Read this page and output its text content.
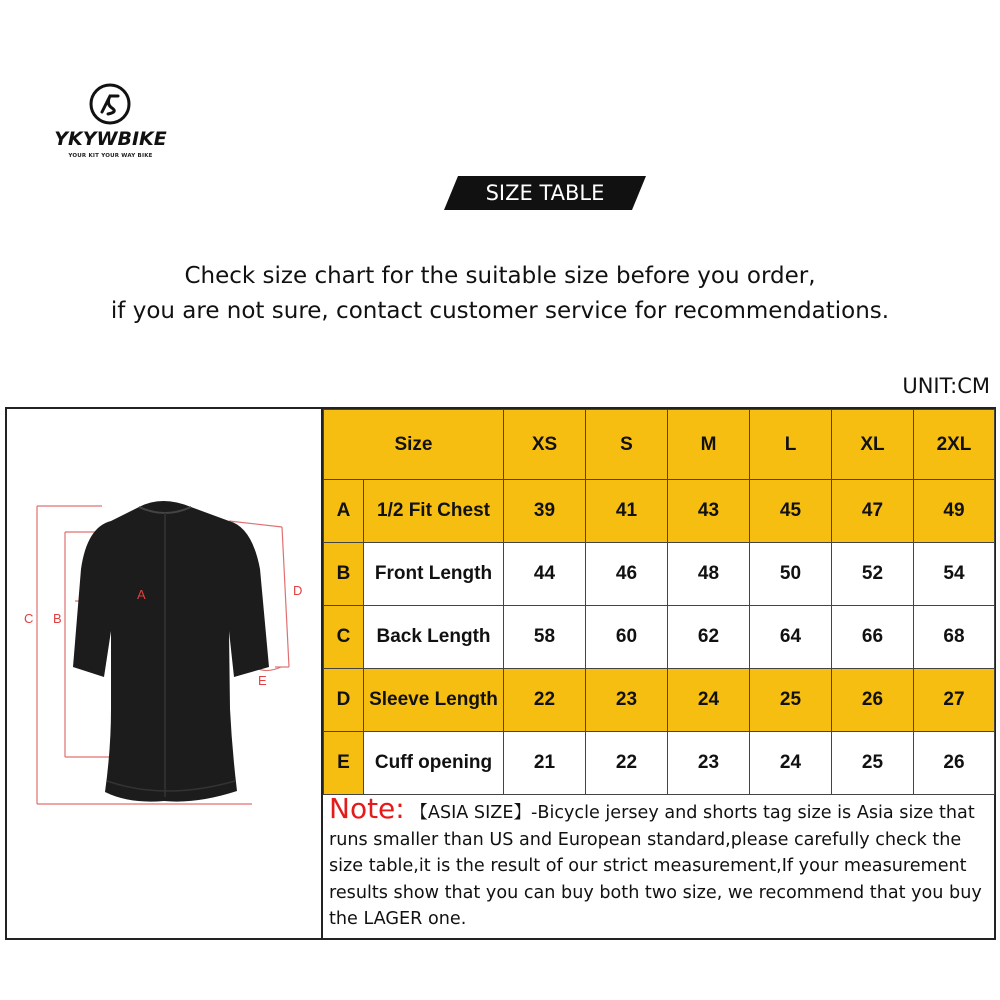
YKYWBIKE
YOUR KIT YOUR WAY BIKE
SIZE TABLE
Check size chart for the suitable size before you order,
if you are not sure, contact customer service for recommendations.
UNIT:CM
C B
A	D
E
Size		XS	S	M	L	XL	2XL
A	1/2 Fit Chest	39	41	43	45	47	49
B	Front Length	44	46	48	50	52	54
C	Back Length	58	60	62	64	66	68
D	Sleeve Length	22	23	24	25	26	27
E	Cuff opening	21	22	23	24	25	26
Note: 【ASIA SIZE】-Bicycle jersey and shorts tag size is Asia size that runs smaller than US and European standard,please carefully check the size table,it is the result of our strict measurement,If your measurement results show that you can buy both two size, we recommend that you buy the LAGER one.
